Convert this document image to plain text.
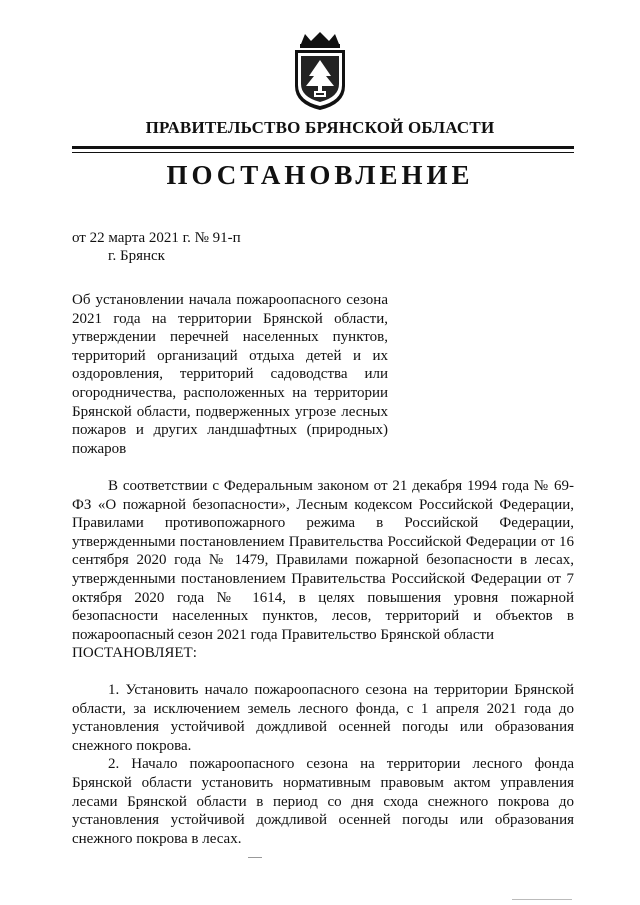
ПРАВИТЕЛЬСТВО БРЯНСКОЙ ОБЛАСТИ
ПОСТАНОВЛЕНИЕ
от 22 марта 2021 г. № 91-п
г. Брянск
Об установлении начала пожароопасного сезона 2021 года на территории Брянской области, утверждении перечней населенных пунктов, территорий организаций отдыха детей и их оздоровления, территорий садоводства или огородничества, расположенных на территории Брянской области, подверженных угрозе лесных пожаров и других ландшафтных (природных) пожаров

В соответствии с Федеральным законом от 21 декабря 1994 года № 69-ФЗ «О пожарной безопасности», Лесным кодексом Российской Федерации, Правилами противопожарного режима в Российской Федерации, утвержденными постановлением Правительства Российской Федерации от 16 сентября 2020 года № 1479, Правилами пожарной безопасности в лесах, утвержденными постановлением Правительства Российской Федерации от 7 октября 2020 года № 1614, в целях повышения уровня пожарной безопасности населенных пунктов, лесов, территорий и объектов в пожароопасный сезон 2021 года Правительство Брянской области

ПОСТАНОВЛЯЕТ:

1. Установить начало пожароопасного сезона на территории Брянской области, за исключением земель лесного фонда, с 1 апреля 2021 года до установления устойчивой дождливой осенней погоды или образования снежного покрова.

2. Начало пожароопасного сезона на территории лесного фонда Брянской области установить нормативным правовым актом управления лесами Брянской области в период со дня схода снежного покрова до установления устойчивой дождливой осенней погоды или образования снежного покрова в лесах.
